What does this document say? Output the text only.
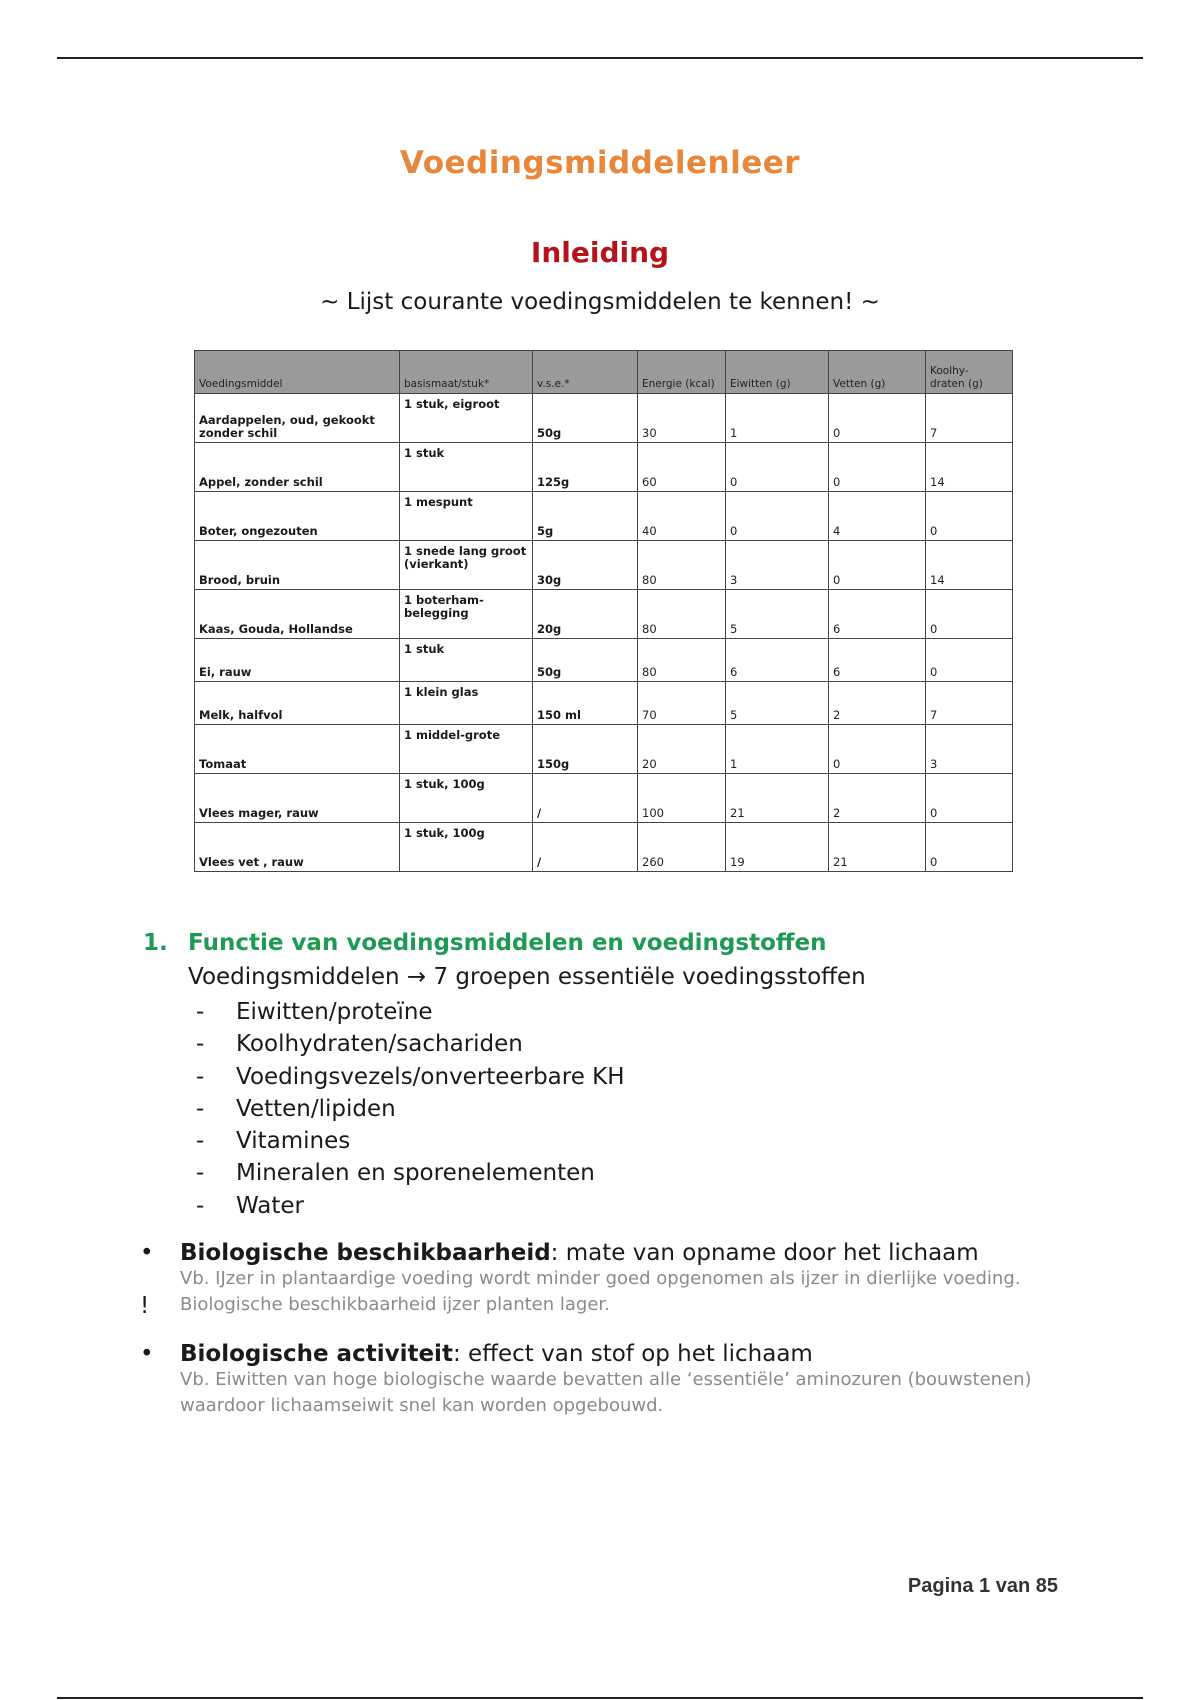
Voedingsmiddelenleer
Inleiding
~ Lijst courante voedingsmiddelen te kennen! ~
Voedingsmiddel	basismaat/stuk*	v.s.e.*	Energie (kcal)	Eiwitten (g)	Vetten (g)	Koolhy-
draten (g)
Aardappelen, oud, gekookt zonder schil	1 stuk, eigroot	50g	30	1	0	7
Appel, zonder schil	1 stuk	125g	60	0	0	14
Boter, ongezouten	1 mespunt	5g	40	0	4	0
Brood, bruin	1 snede lang groot (vierkant)	30g	80	3	0	14
Kaas, Gouda, Hollandse	1 boterham-belegging	20g	80	5	6	0
Ei, rauw	1 stuk	50g	80	6	6	0
Melk, halfvol	1 klein glas	150 ml	70	5	2	7
Tomaat	1 middel-grote	150g	20	1	0	3
Vlees mager, rauw	1 stuk, 100g	/	100	21	2	0
Vlees vet , rauw	1 stuk, 100g	/	260	19	21	0
1. Functie van voedingsmiddelen en voedingstoffen
Voedingsmiddelen → 7 groepen essentiële voedingsstoffen
- Eiwitten/proteïne
- Koolhydraten/sachariden
- Voedingsvezels/onverteerbare KH
- Vetten/lipiden
- Vitamines
- Mineralen en sporenelementen
- Water
• Biologische beschikbaarheid: mate van opname door het lichaam
Vb. IJzer in plantaardige voeding wordt minder goed opgenomen als ijzer in dierlijke voeding. Biologische beschikbaarheid ijzer planten lager.
!
• Biologische activiteit: effect van stof op het lichaam
Vb. Eiwitten van hoge biologische waarde bevatten alle ‘essentiële’ aminozuren (bouwstenen) waardoor lichaamseiwit snel kan worden opgebouwd.
Pagina 1 van 85
